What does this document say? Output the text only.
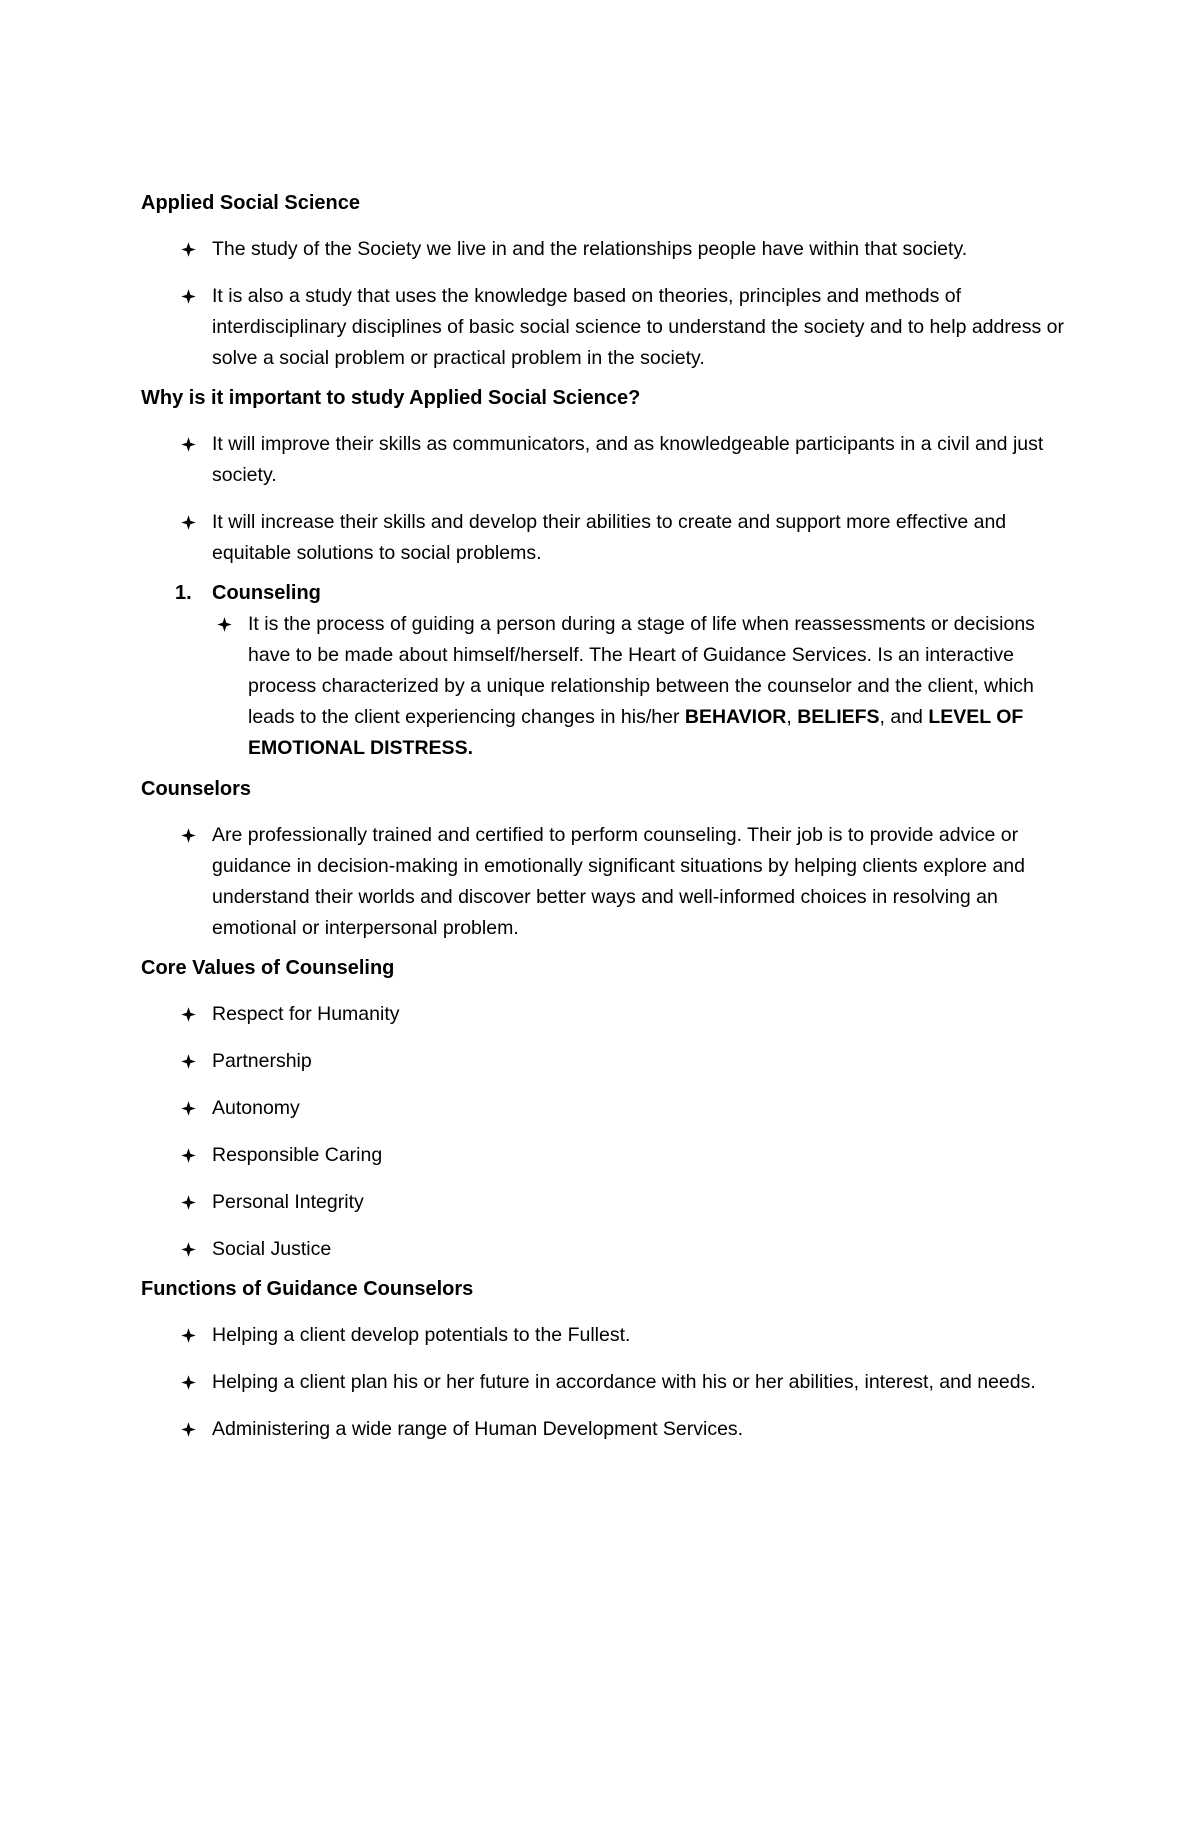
Applied Social Science
The study of the Society we live in and the relationships people have within that society.
It is also a study that uses the knowledge based on theories, principles and methods of interdisciplinary disciplines of basic social science to understand the society and to help address or solve a social problem or practical problem in the society.
Why is it important to study Applied Social Science?
It will improve their skills as communicators, and as knowledgeable participants in a civil and just society.
It will increase their skills and develop their abilities to create and support more effective and equitable solutions to social problems.
1. Counseling
It is the process of guiding a person during a stage of life when reassessments or decisions have to be made about himself/herself. The Heart of Guidance Services. Is an interactive process characterized by a unique relationship between the counselor and the client, which leads to the client experiencing changes in his/her BEHAVIOR, BELIEFS, and LEVEL OF EMOTIONAL DISTRESS.
Counselors
Are professionally trained and certified to perform counseling. Their job is to provide advice or guidance in decision-making in emotionally significant situations by helping clients explore and understand their worlds and discover better ways and well-informed choices in resolving an emotional or interpersonal problem.
Core Values of Counseling
Respect for Humanity
Partnership
Autonomy
Responsible Caring
Personal Integrity
Social Justice
Functions of Guidance Counselors
Helping a client develop potentials to the Fullest.
Helping a client plan his or her future in accordance with his or her abilities, interest, and needs.
Administering a wide range of Human Development Services.
